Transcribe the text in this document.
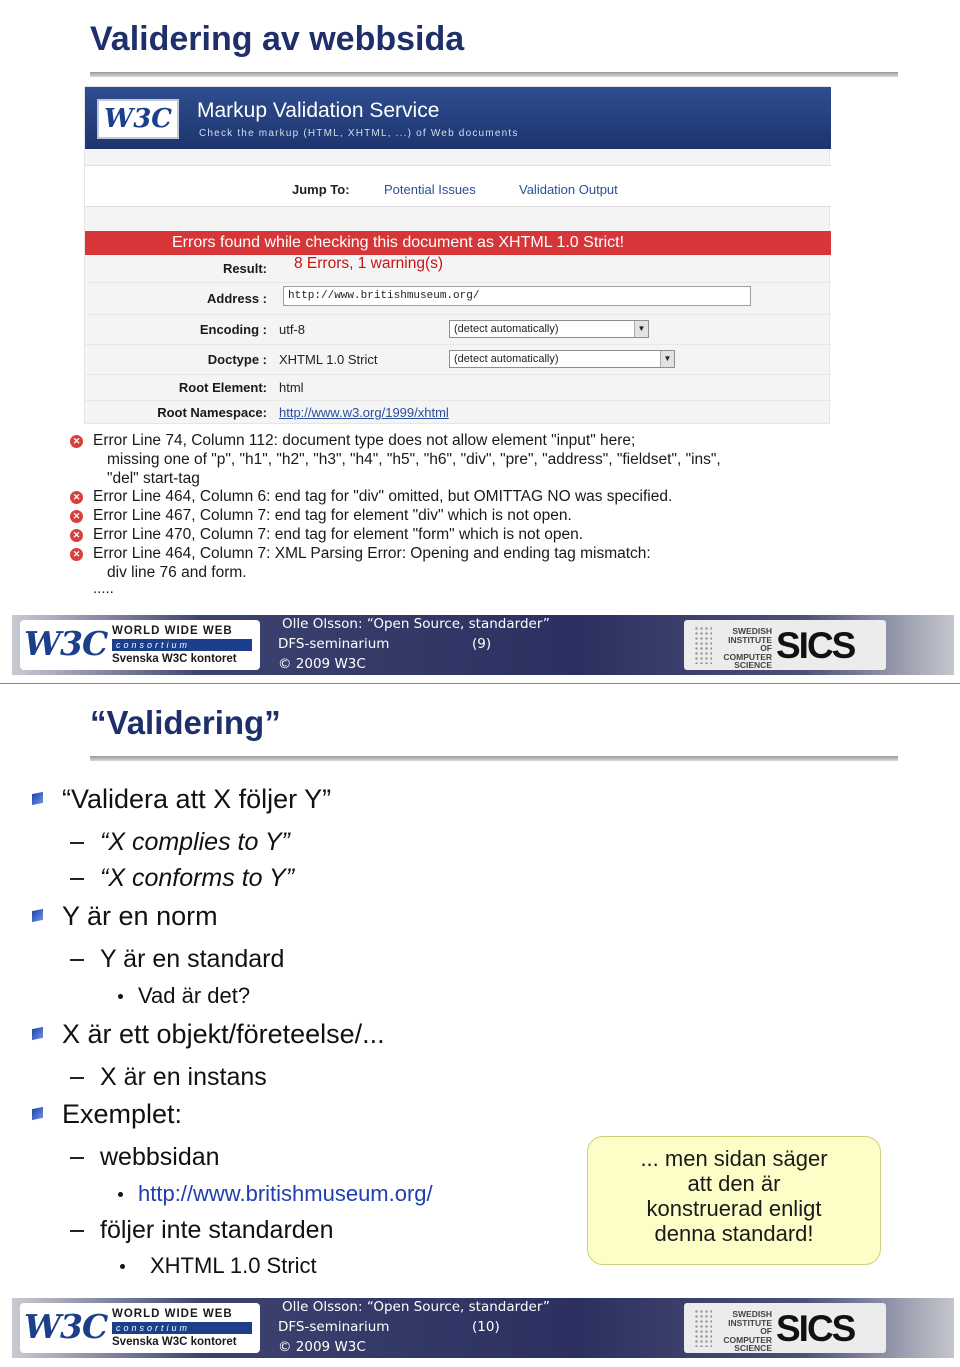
Validering av webbsida
W3C	Markup Validation Service
Check the markup (HTML, XHTML, ...) of Web documents
Jump To:	Potential Issues	Validation Output
Errors found while checking this document as XHTML 1.0 Strict!
Result:	8 Errors, 1 warning(s)
Address :	http://www.britishmuseum.org/
Encoding : utf-8	(detect automatically)	▼
Doctype : XHTML 1.0 Strict	(detect automatically)	▼
Root Element: html
Root Namespace: http://www.w3.org/1999/xhtml
✕ Error Line 74, Column 112: document type does not allow element "input" here;
missing one of "p", "h1", "h2", "h3", "h4", "h5", "h6", "div", "pre", "address", "fieldset", "ins",
"del" start-tag
✕ Error Line 464, Column 6: end tag for "div" omitted, but OMITTAG NO was specified.
✕ Error Line 467, Column 7: end tag for element "div" which is not open.
✕ Error Line 470, Column 7: end tag for element "form" which is not open.
✕ Error Line 464, Column 7: XML Parsing Error: Opening and ending tag mismatch:
div line 76 and form.
.....
W3C WORLD WIDE WEB
consortium
Svenska W3C kontoret
Olle Olsson: “Open Source, standarder”
DFS-seminarium	(9)
© 2009 W3C
SWEDISH
INSTITUTE OF
COMPUTER
SCIENCE SICS
“Validering”
“Validera att X följer Y”
“X complies to Y”
“X conforms to Y”
Y är en norm
Y är en standard
Vad är det?
X är ett objekt/företeelse/...
X är en instans
Exemplet:
webbsidan
http://www.britishmuseum.org/
följer inte standarden
XHTML 1.0 Strict
... men sidan säger
att den är
konstruerad enligt
denna standard!
W3C WORLD WIDE WEB
consortium
Svenska W3C kontoret
Olle Olsson: “Open Source, standarder”
DFS-seminarium	(10)
© 2009 W3C
SWEDISH
INSTITUTE OF
COMPUTER
SCIENCE SICS
